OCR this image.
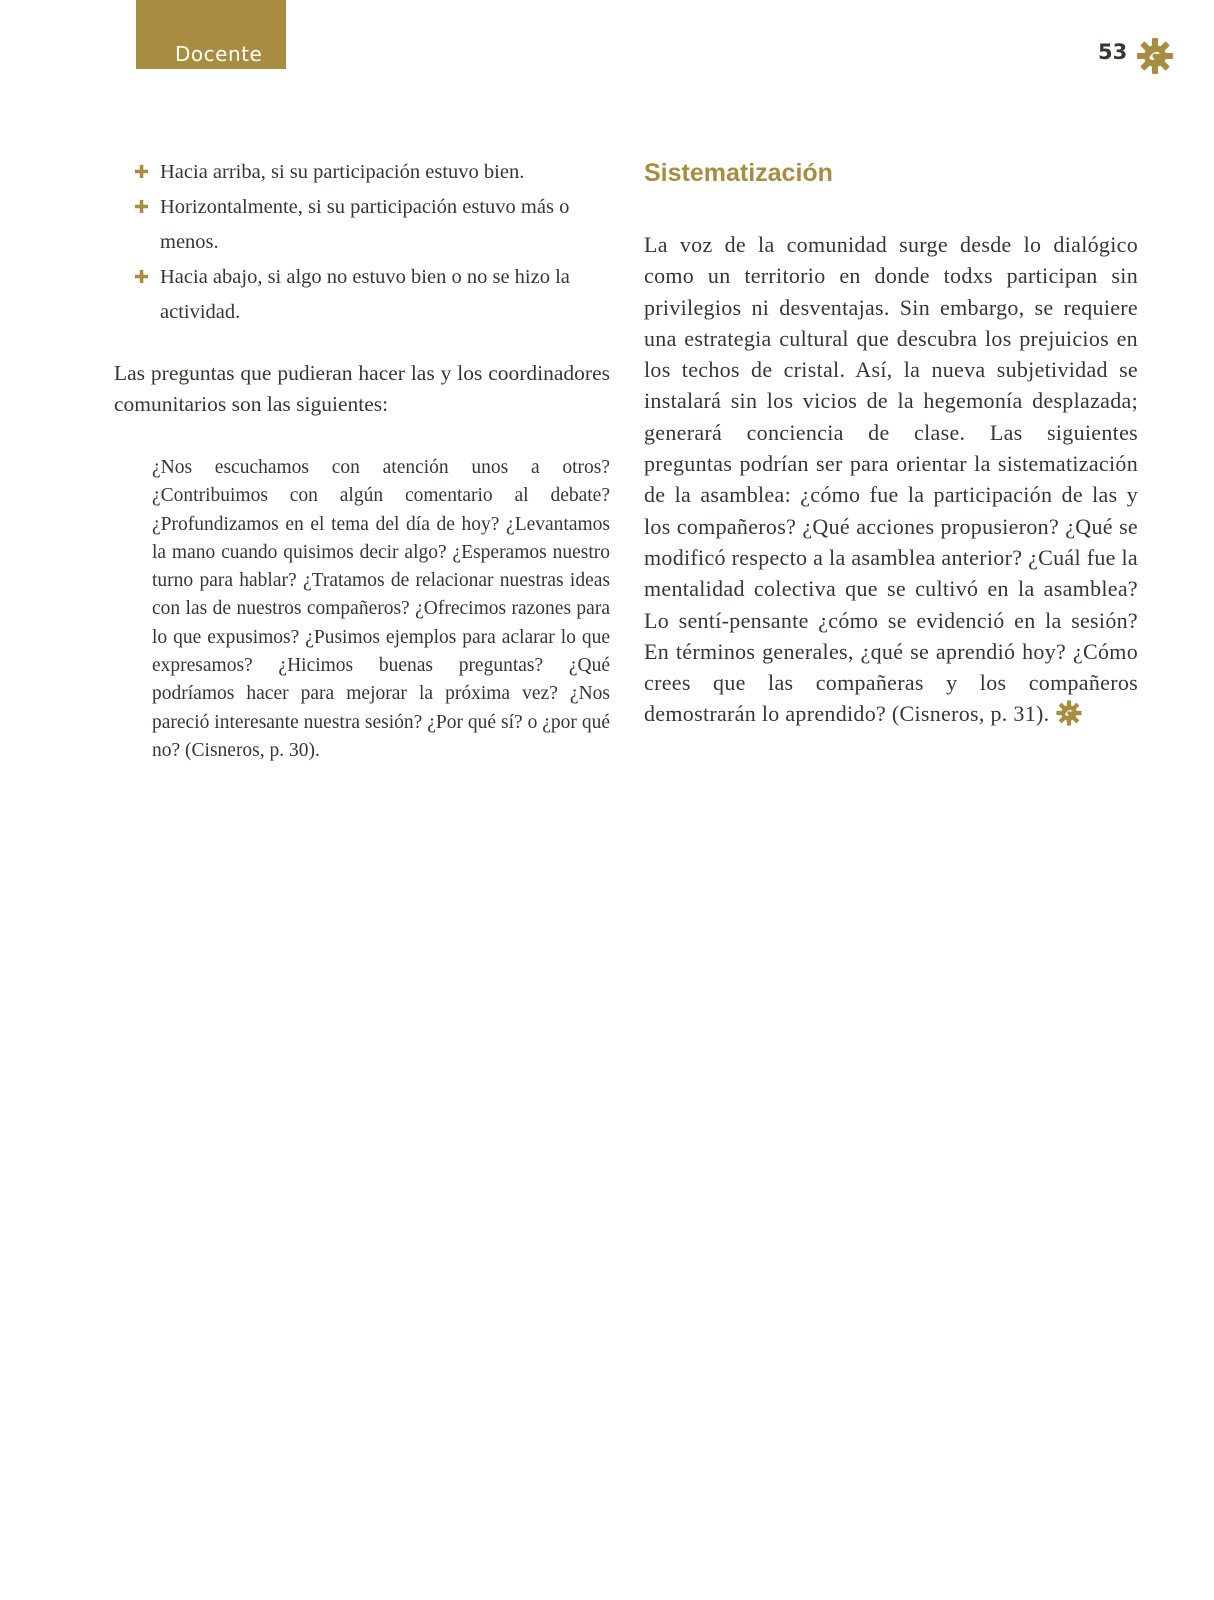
Docente	53
✚ Hacia arriba, si su participación estuvo bien.
✚ Horizontalmente, si su participación estuvo más o menos.
✚ Hacia abajo, si algo no estuvo bien o no se hizo la actividad.

Las preguntas que pudieran hacer las y los coordinadores comunitarios son las siguientes:

¿Nos escuchamos con atención unos a otros? ¿Contribuimos con algún comentario al debate? ¿Profundizamos en el tema del día de hoy? ¿Levantamos la mano cuando quisimos decir algo? ¿Esperamos nuestro turno para hablar? ¿Tratamos de relacionar nuestras ideas con las de nuestros compañeros? ¿Ofrecimos razones para lo que expusimos? ¿Pusimos ejemplos para aclarar lo que expresamos? ¿Hicimos buenas preguntas? ¿Qué podríamos hacer para mejorar la próxima vez? ¿Nos pareció interesante nuestra sesión? ¿Por qué sí? o ¿por qué no? (Cisneros, p. 30).

Sistematización

La voz de la comunidad surge desde lo dialógico como un territorio en donde todxs participan sin privilegios ni desventajas. Sin embargo, se requiere una estrategia cultural que descubra los prejuicios en los techos de cristal. Así, la nueva subjetividad se instalará sin los vicios de la hegemonía desplazada; generará conciencia de clase. Las siguientes preguntas podrían ser para orientar la sistematización de la asamblea: ¿cómo fue la participación de las y los compañeros? ¿Qué acciones propusieron? ¿Qué se modificó respecto a la asamblea anterior? ¿Cuál fue la mentalidad colectiva que se cultivó en la asamblea? Lo sentí-pensante ¿cómo se evidenció en la sesión? En términos generales, ¿qué se aprendió hoy? ¿Cómo crees que las compañeras y los compañeros demostrarán lo aprendido? (Cisneros, p. 31).
